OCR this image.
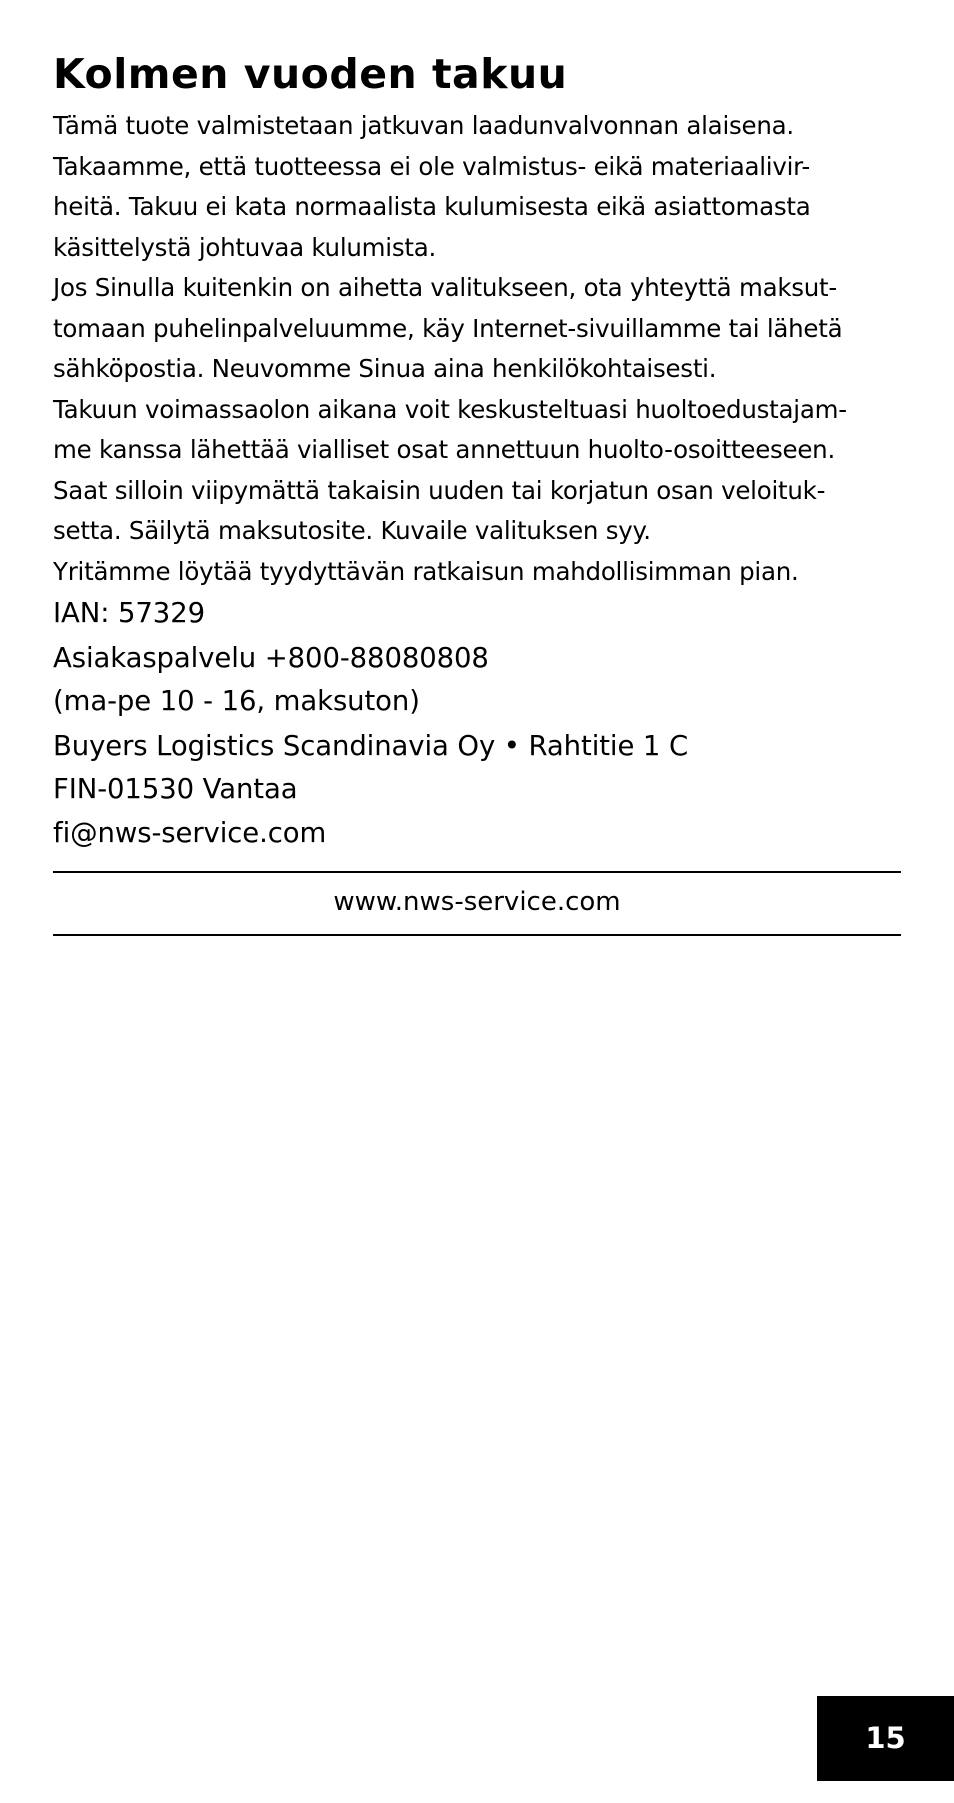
Kolmen vuoden takuu
Tämä tuote valmistetaan jatkuvan laadunvalvonnan alaisena.
Takaamme, että tuotteessa ei ole valmistus- eikä materiaalivir-
heitä. Takuu ei kata normaalista kulumisesta eikä asiattomasta
käsittelystä johtuvaa kulumista.
Jos Sinulla kuitenkin on aihetta valitukseen, ota yhteyttä maksut-
tomaan puhelinpalveluumme, käy Internet-sivuillamme tai lähetä
sähköpostia. Neuvomme Sinua aina henkilökohtaisesti.
Takuun voimassaolon aikana voit keskusteltuasi huoltoedustajam-
me kanssa lähettää vialliset osat annettuun huolto-osoitteeseen.
Saat silloin viipymättä takaisin uuden tai korjatun osan veloituk-
setta. Säilytä maksutosite. Kuvaile valituksen syy.
Yritämme löytää tyydyttävän ratkaisun mahdollisimman pian.
IAN: 57329
Asiakaspalvelu +800-88080808
(ma-pe 10 - 16, maksuton)
Buyers Logistics Scandinavia Oy • Rahtitie 1 C
FIN-01530 Vantaa
fi@nws-service.com
www.nws-service.com
15
